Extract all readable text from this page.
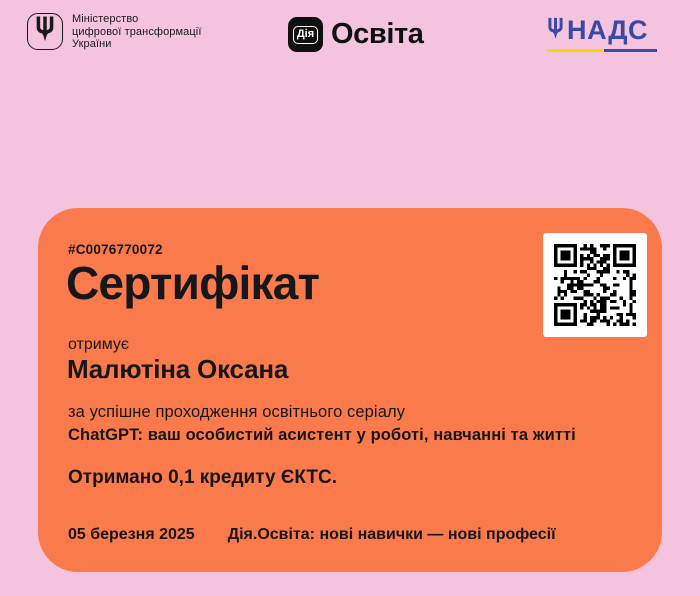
Міністерство
цифрової трансформації
України
Дія Освіта	НАДС
#C0076770072
Сертифікат
отримує
Малютіна Оксана
за успішне проходження освітнього серіалу
ChatGPT: ваш особистий асистент у роботі, навчанні та житті
Отримано 0,1 кредиту ЄКТС.
05 березня 2025 Дія.Освіта: нові навички — нові професії
